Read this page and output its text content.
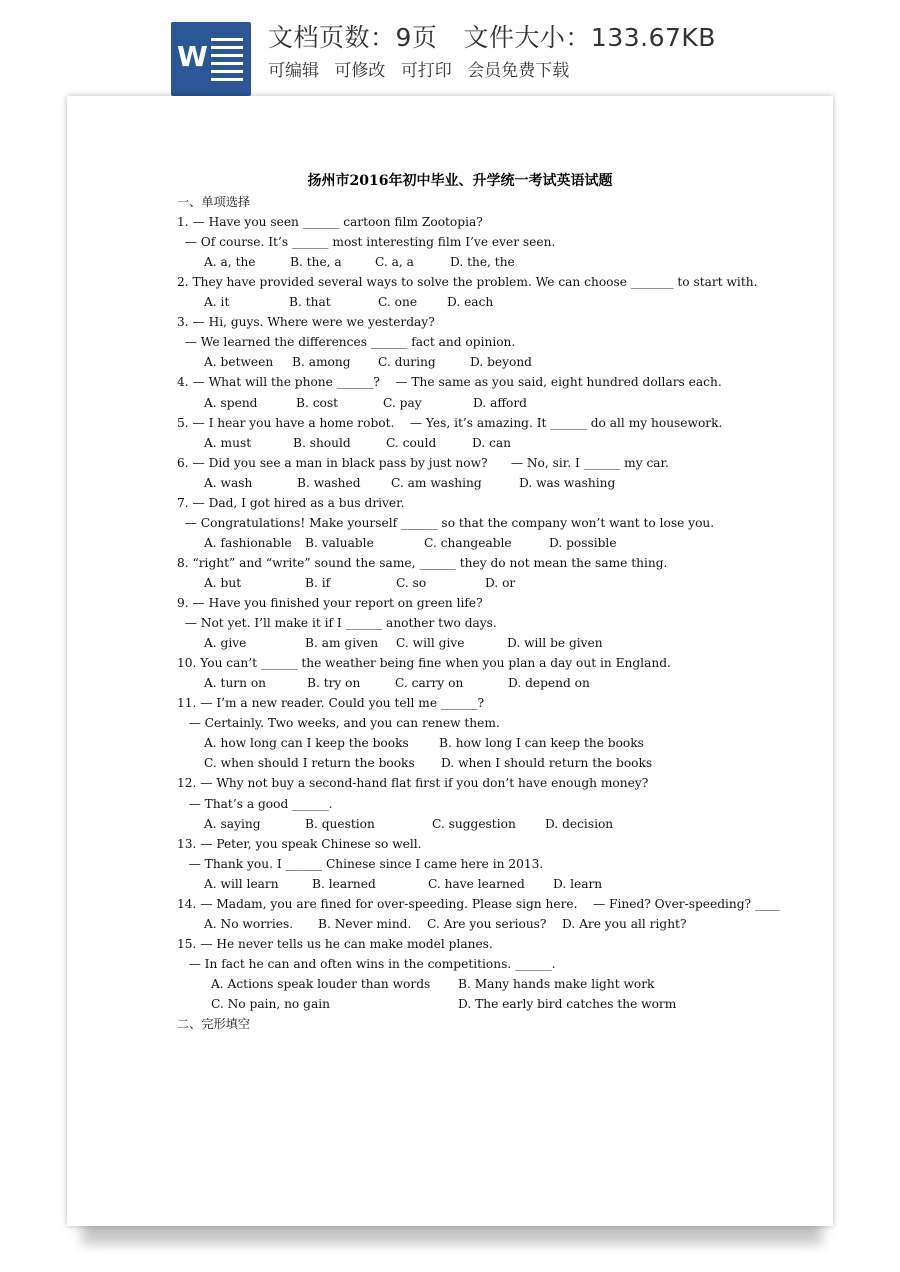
W
文档页数：9页 文件大小：133.67KB
可编辑 可修改 可打印 会员免费下载
扬州市2016年初中毕业、升学统一考试英语试题
一、单项选择
1. — Have you seen ______ cartoon film Zootopia?
— Of course. It’s ______ most interesting film I’ve ever seen.
A. a, the	B. the, a	C. a, a	D. the, the
2. They have provided several ways to solve the problem. We can choose _______ to start with.
A. it	B. that	C. one D. each
3. — Hi, guys. Where were we yesterday?
— We learned the differences ______ fact and opinion.
A. between B. among C. during	D. beyond
4. — What will the phone ______?    — The same as you said, eight hundred dollars each.
A. spend	B. cost	C. pay	D. afford
5. — I hear you have a home robot.    — Yes, it’s amazing. It ______ do all my housework.
A. must	B. should	C. could	D. can
6. — Did you see a man in black pass by just now?      — No, sir. I ______ my car.
A. wash	B. washed C. am washing	D. was washing
7. — Dad, I got hired as a bus driver.
— Congratulations! Make yourself ______ so that the company won’t want to lose you.
A. fashionable B. valuable	C. changeable	D. possible
8. “right” and “write” sound the same, ______ they do not mean the same thing.
A. but	B. if	C. so	D. or
9. — Have you finished your report on green life?
— Not yet. I’ll make it if I ______ another two days.
A. give	B. am given C. will give	D. will be given
10. You can’t ______ the weather being fine when you plan a day out in England.
A. turn on	B. try on	C. carry on	D. depend on
11. — I’m a new reader. Could you tell me ______?
— Certainly. Two weeks, and you can renew them.
A. how long can I keep the books B. how long I can keep the books
C. when should I return the books D. when I should return the books
12. — Why not buy a second-hand flat first if you don’t have enough money?
— That’s a good ______.
A. saying	B. question	C. suggestion D. decision
13. — Peter, you speak Chinese so well.
— Thank you. I ______ Chinese since I came here in 2013.
A. will learn	B. learned	C. have learned D. learn
14. — Madam, you are fined for over-speeding. Please sign here.    — Fined? Over-speeding? ____
A. No worries. B. Never mind. C. Are you serious? D. Are you all right?
15. — He never tells us he can make model planes.
— In fact he can and often wins in the competitions. ______.
A. Actions speak louder than words B. Many hands make light work
C. No pain, no gain	D. The early bird catches the worm
二、完形填空
